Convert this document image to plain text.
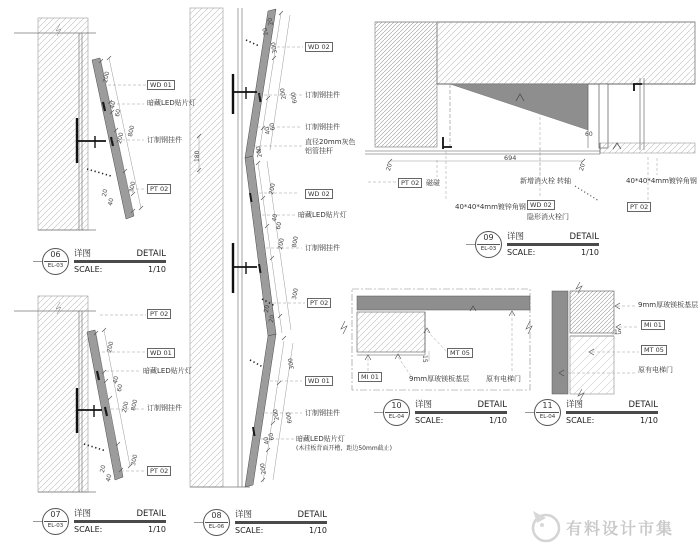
WD 01
暗藏LED贴片灯
订制钢挂件
PT 02
200
40
60
200
800
300
20
40
PT 02
WD 01
暗藏LED贴片灯
订制钢挂件
PT 02
200
40
60
800
200
300
20
40
WD 02
订制钢挂件
订制钢挂件
直径20mm灰色
铝管挂杆
WD 02
暗藏LED贴片灯
订制钢挂件
PT 02
WD 01
订制钢挂件
暗藏LED贴片灯
(木挂板背面开槽，距边50mm截止)
20
20
300
200 600
40
60
200
180
200
40
60
800
200
300
20
20
300
200 600
40
60
200
60
694
20	20
PT 02 磁碰	新增消火栓 转轴	40*40*4mm镀锌角钢
40*40*4mm镀锌角钢 WD 02	PT 02
隐形消火栓门
MT 05
15
MI 01	9mm厚玻镁板基层 原有电梯门
9mm厚玻镁板基层
MI 01
MT 05
原有电梯门
15
06
EL-03
详图	DETAIL
SCALE:	1/10
07
EL-03
详图	DETAIL
SCALE:	1/10
08
EL-06
详图	DETAIL
SCALE:	1/10
09
EL-03
详图	DETAIL
SCALE:	1/10
10
EL-04
详图	DETAIL
SCALE:	1/10
11
EL-04
详图	DETAIL
SCALE:	1/10
有料设计市集
